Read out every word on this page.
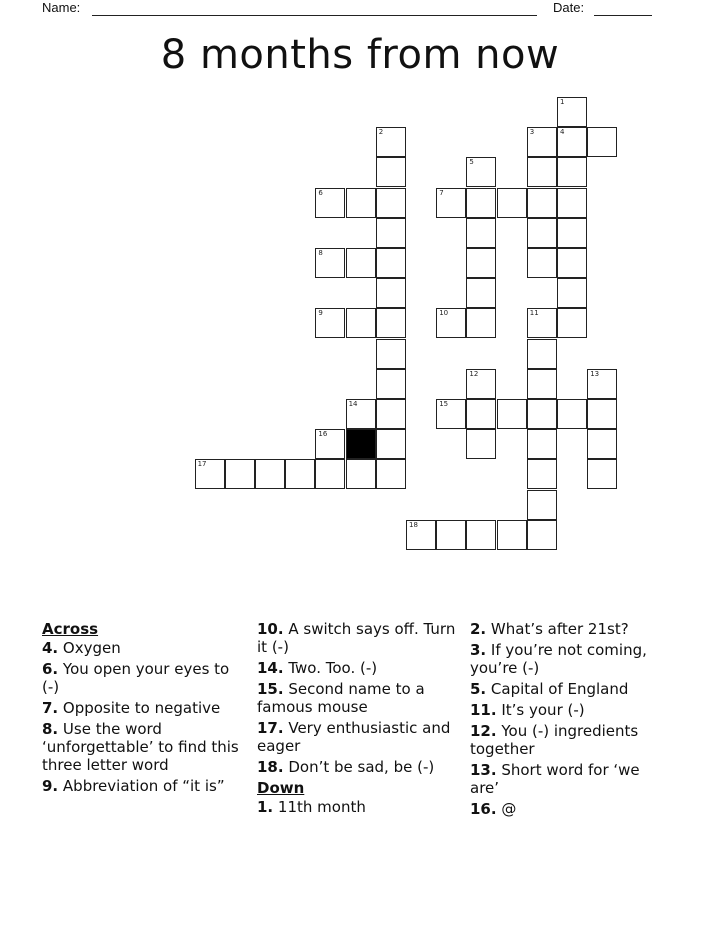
Name:	Date:
8 months from now
1
4
2	3
5
6	7
8
9	10	11
12	13
14	15
16
17
18
Across
4. Oxygen
6. You open your eyes to (-)
7. Opposite to negative
8. Use the word ‘unforgettable’ to find this three letter word
9. Abbreviation of “it is”
10. A switch says off. Turn it (-)
14. Two. Too. (-)
15. Second name to a famous mouse
17. Very enthusiastic and eager
18. Don’t be sad, be (-)
Down
1. 11th month
2. What’s after 21st?
3. If you’re not coming, you’re (-)
5. Capital of England
11. It’s your (-)
12. You (-) ingredients together
13. Short word for ‘we are’
16. @
